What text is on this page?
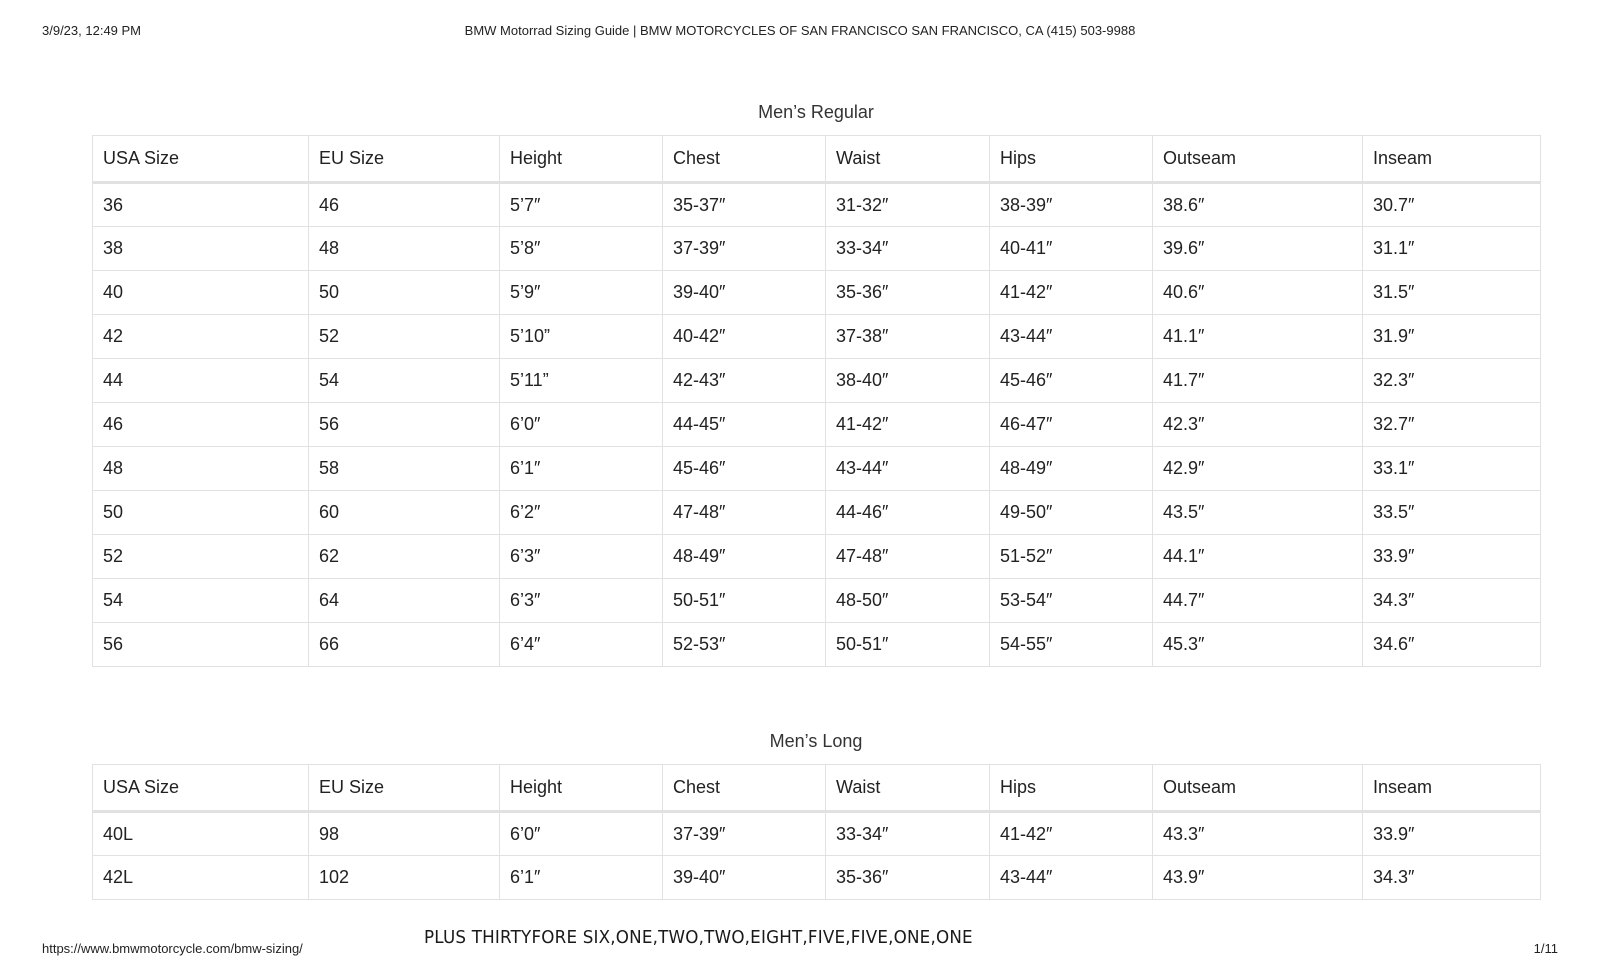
3/9/23, 12:49 PM	BMW Motorrad Sizing Guide | BMW MOTORCYCLES OF SAN FRANCISCO SAN FRANCISCO, CA (415) 503-9988
Men’s Regular
USA Size	EU Size	Height	Chest	Waist	Hips	Outseam	Inseam
36	46	5’7″	35-37″	31-32″	38-39″	38.6″	30.7″
38	48	5’8″	37-39″	33-34″	40-41″	39.6″	31.1″
40	50	5’9″	39-40″	35-36″	41-42″	40.6″	31.5″
42	52	5’10”	40-42″	37-38″	43-44″	41.1″	31.9″
44	54	5’11”	42-43″	38-40″	45-46″	41.7″	32.3″
46	56	6’0″	44-45″	41-42″	46-47″	42.3″	32.7″
48	58	6’1″	45-46″	43-44″	48-49″	42.9″	33.1″
50	60	6’2″	47-48″	44-46″	49-50″	43.5″	33.5″
52	62	6’3″	48-49″	47-48″	51-52″	44.1″	33.9″
54	64	6’3″	50-51″	48-50″	53-54″	44.7″	34.3″
56	66	6’4″	52-53″	50-51″	54-55″	45.3″	34.6″
Men’s Long
USA Size	EU Size	Height	Chest	Waist	Hips	Outseam	Inseam
40L	98	6’0″	37-39″	33-34″	41-42″	43.3″	33.9″
42L	102	6’1″	39-40″	35-36″	43-44″	43.9″	34.3″
https://www.bmwmotorcycle.com/bmw-sizing/
PLUS THIRTYFORE SIX,ONE,TWO,TWO,EIGHT,FIVE,FIVE,ONE,ONE
1/11
